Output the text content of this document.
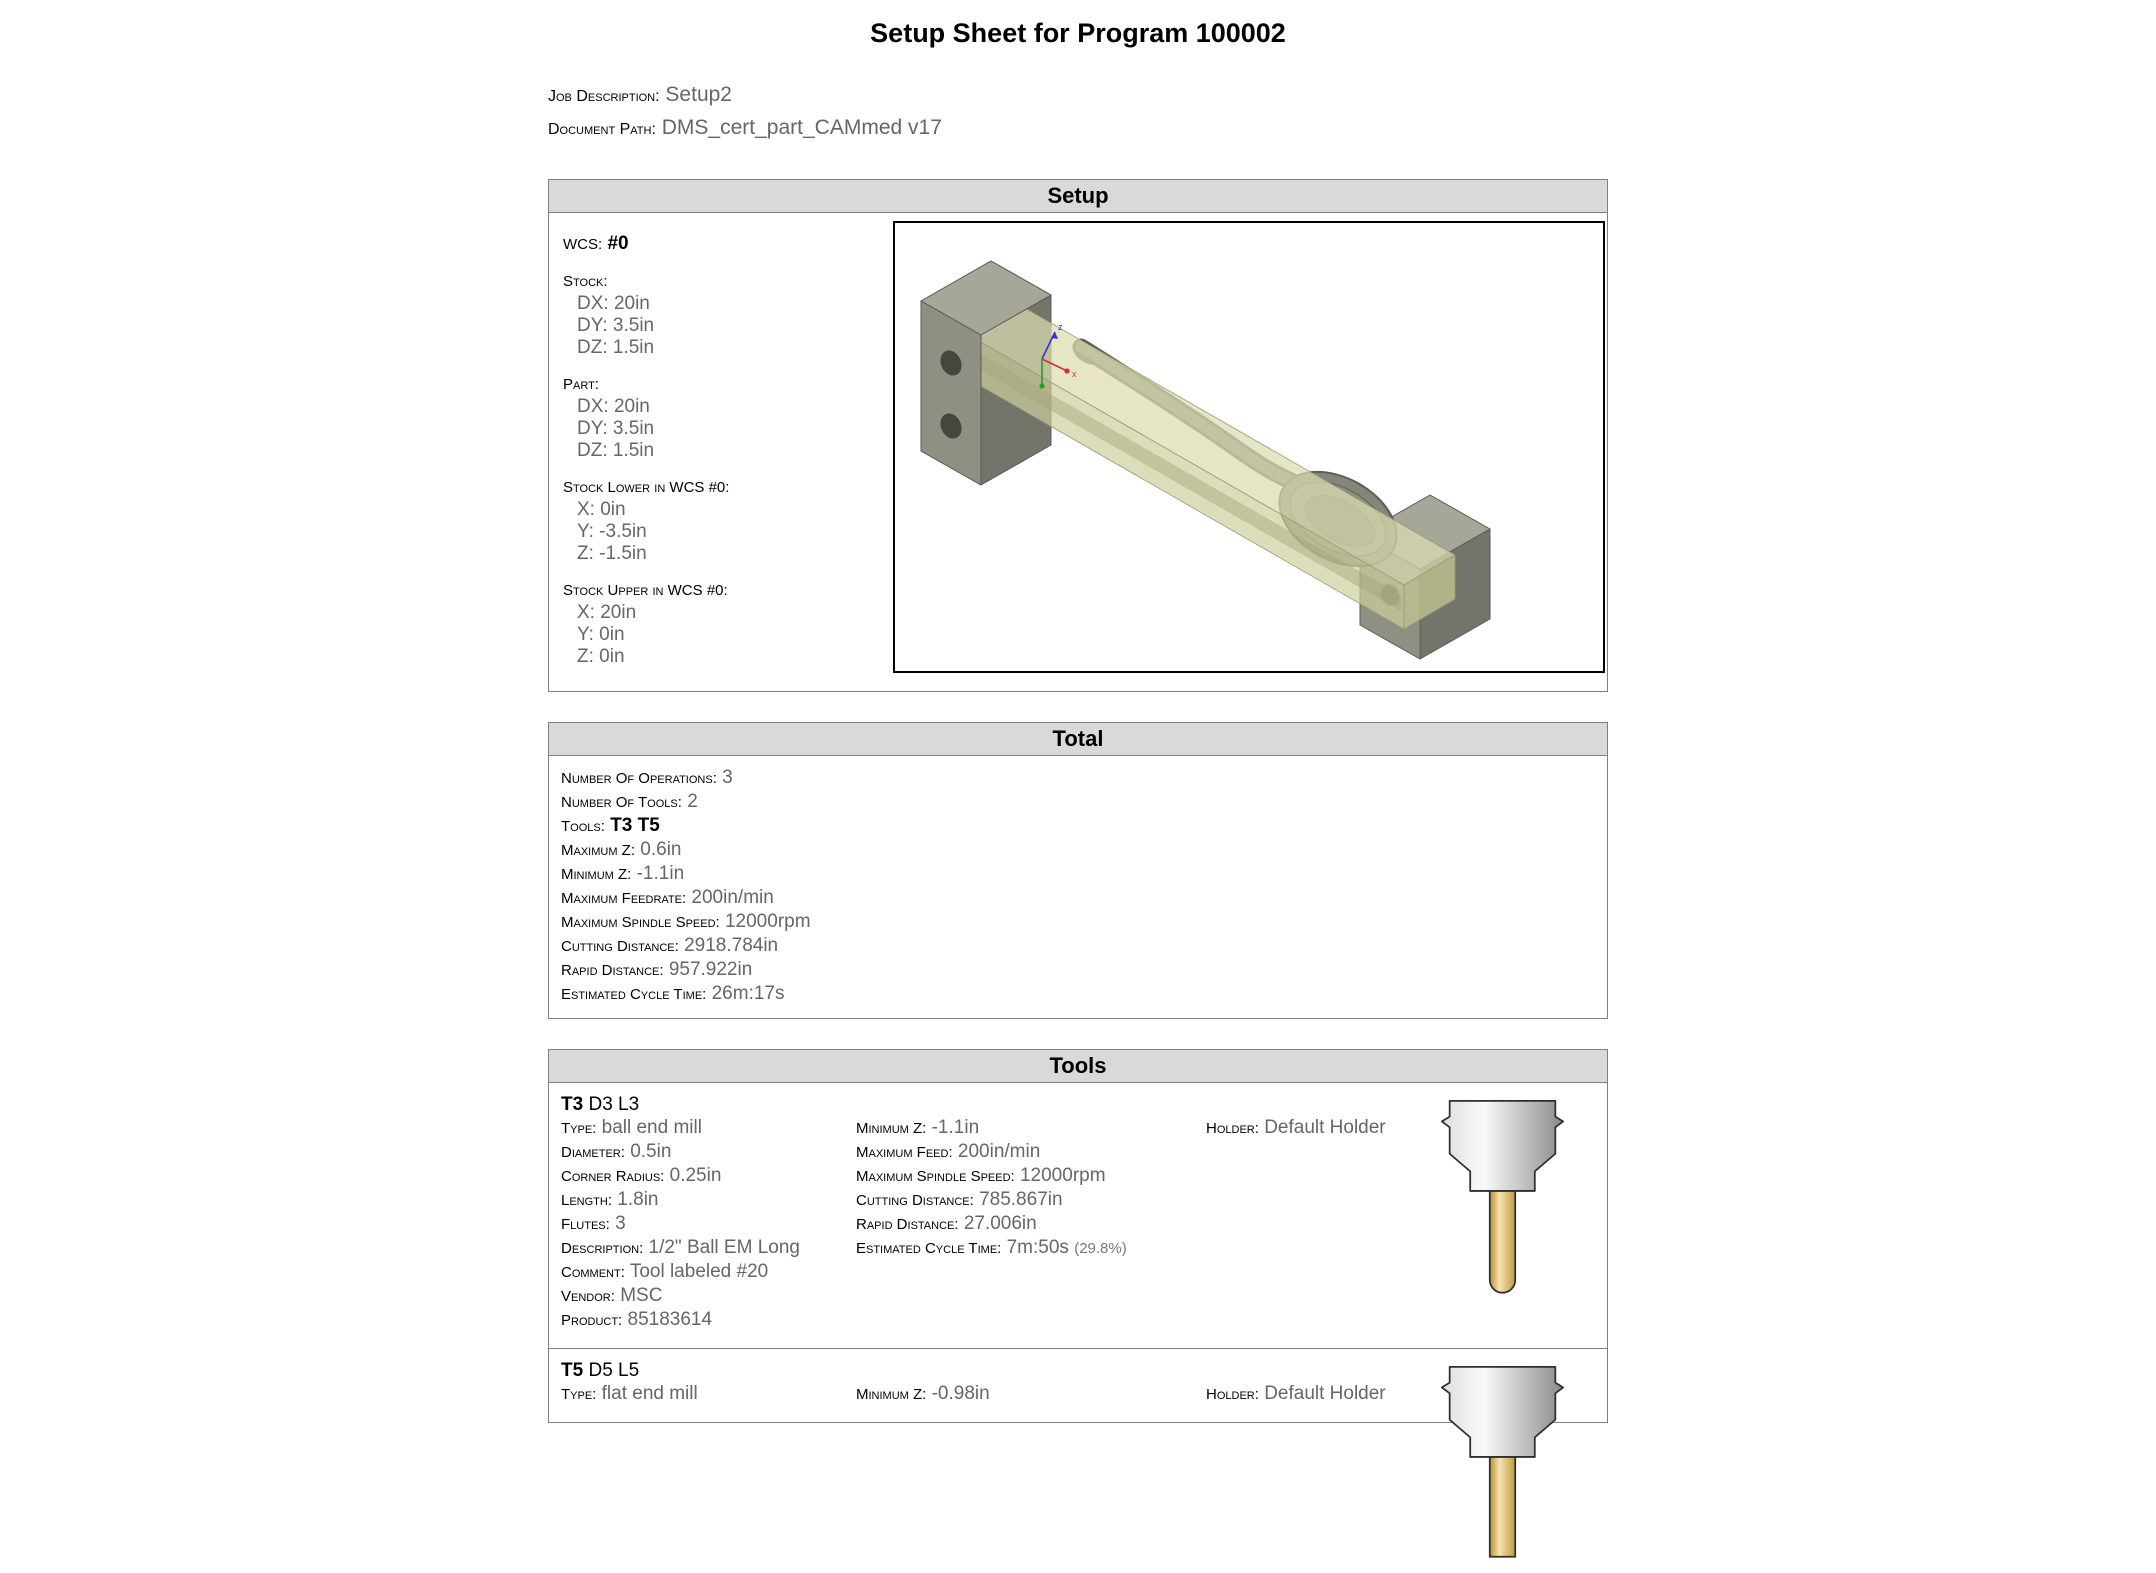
Setup Sheet for Program 100002
Job Description: Setup2
Document Path: DMS_cert_part_CAMmed v17
Setup
WCS: #0
Stock:
DX: 20in
DY: 3.5in
DZ: 1.5in
Part:
DX: 20in
DY: 3.5in
DZ: 1.5in
Stock Lower in WCS #0:
X: 0in
Y: -3.5in
Z: -1.5in
Stock Upper in WCS #0:
X: 20in
Y: 0in
Z: 0in
z
x
Total
Number Of Operations: 3
Number Of Tools: 2
Tools: T3 T5
Maximum Z: 0.6in
Minimum Z: -1.1in
Maximum Feedrate: 200in/min
Maximum Spindle Speed: 12000rpm
Cutting Distance: 2918.784in
Rapid Distance: 957.922in
Estimated Cycle Time: 26m:17s
Tools
T3 D3 L3
Type: ball end mill
Diameter: 0.5in
Corner Radius: 0.25in
Length: 1.8in
Flutes: 3
Description: 1/2" Ball EM Long
Comment: Tool labeled #20
Vendor: MSC
Product: 85183614
Minimum Z: -1.1in
Maximum Feed: 200in/min
Maximum Spindle Speed: 12000rpm
Cutting Distance: 785.867in
Rapid Distance: 27.006in
Estimated Cycle Time: 7m:50s (29.8%)
Holder: Default Holder
T5 D5 L5
Type: flat end mill	Minimum Z: -0.98in	Holder: Default Holder
